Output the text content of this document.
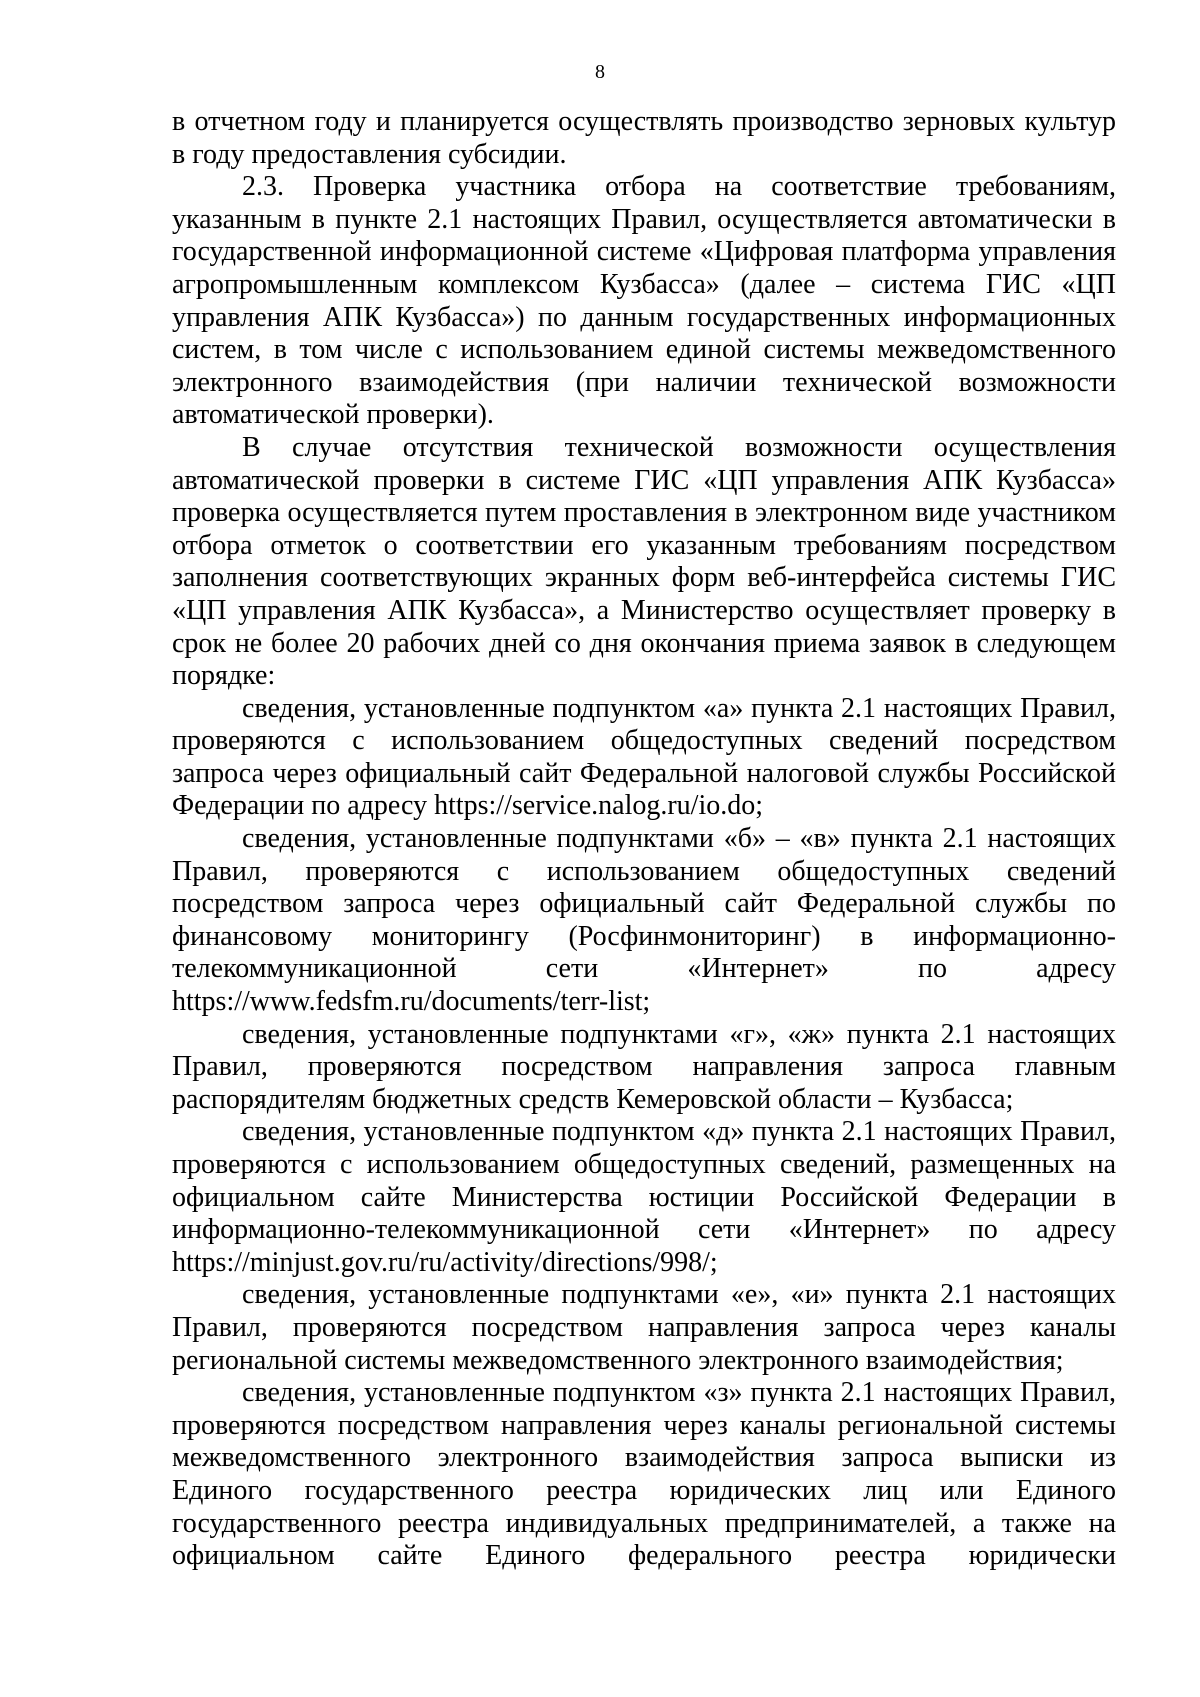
8

в отчетном году и планируется осуществлять производство зерновых культур в году предоставления субсидии.

2.3. Проверка участника отбора на соответствие требованиям, указанным в пункте 2.1 настоящих Правил, осуществляется автоматически в государственной информационной системе «Цифровая платформа управления агропромышленным комплексом Кузбасса» (далее – система ГИС «ЦП управления АПК Кузбасса») по данным государственных информационных систем, в том числе с использованием единой системы межведомственного электронного взаимодействия (при наличии технической возможности автоматической проверки).

В случае отсутствия технической возможности осуществления автоматической проверки в системе ГИС «ЦП управления АПК Кузбасса» проверка осуществляется путем проставления в электронном виде участником отбора отметок о соответствии его указанным требованиям посредством заполнения соответствующих экранных форм веб-интерфейса системы ГИС «ЦП управления АПК Кузбасса», а Министерство осуществляет проверку в срок не более 20 рабочих дней со дня окончания приема заявок в следующем порядке:

сведения, установленные подпунктом «а» пункта 2.1 настоящих Правил, проверяются с использованием общедоступных сведений посредством запроса через официальный сайт Федеральной налоговой службы Российской Федерации по адресу https://service.nalog.ru/io.do;

сведения, установленные подпунктами «б» – «в» пункта 2.1 настоящих Правил, проверяются с использованием общедоступных сведений посредством запроса через официальный сайт Федеральной службы по финансовому мониторингу (Росфинмониторинг) в информационно-телекоммуникационной сети «Интернет» по адресу https://www.fedsfm.ru/documents/terr-list;

сведения, установленные подпунктами «г», «ж» пункта 2.1 настоящих Правил, проверяются посредством направления запроса главным распорядителям бюджетных средств Кемеровской области – Кузбасса;

сведения, установленные подпунктом «д» пункта 2.1 настоящих Правил, проверяются с использованием общедоступных сведений, размещенных на официальном сайте Министерства юстиции Российской Федерации в информационно-телекоммуникационной сети «Интернет» по адресу https://minjust.gov.ru/ru/activity/directions/998/;

сведения, установленные подпунктами «е», «и» пункта 2.1 настоящих Правил, проверяются посредством направления запроса через каналы региональной системы межведомственного электронного взаимодействия;

сведения, установленные подпунктом «з» пункта 2.1 настоящих Правил, проверяются посредством направления через каналы региональной системы межведомственного электронного взаимодействия запроса выписки из Единого государственного реестра юридических лиц или Единого государственного реестра индивидуальных предпринимателей, а также на официальном сайте Единого федерального реестра юридически
